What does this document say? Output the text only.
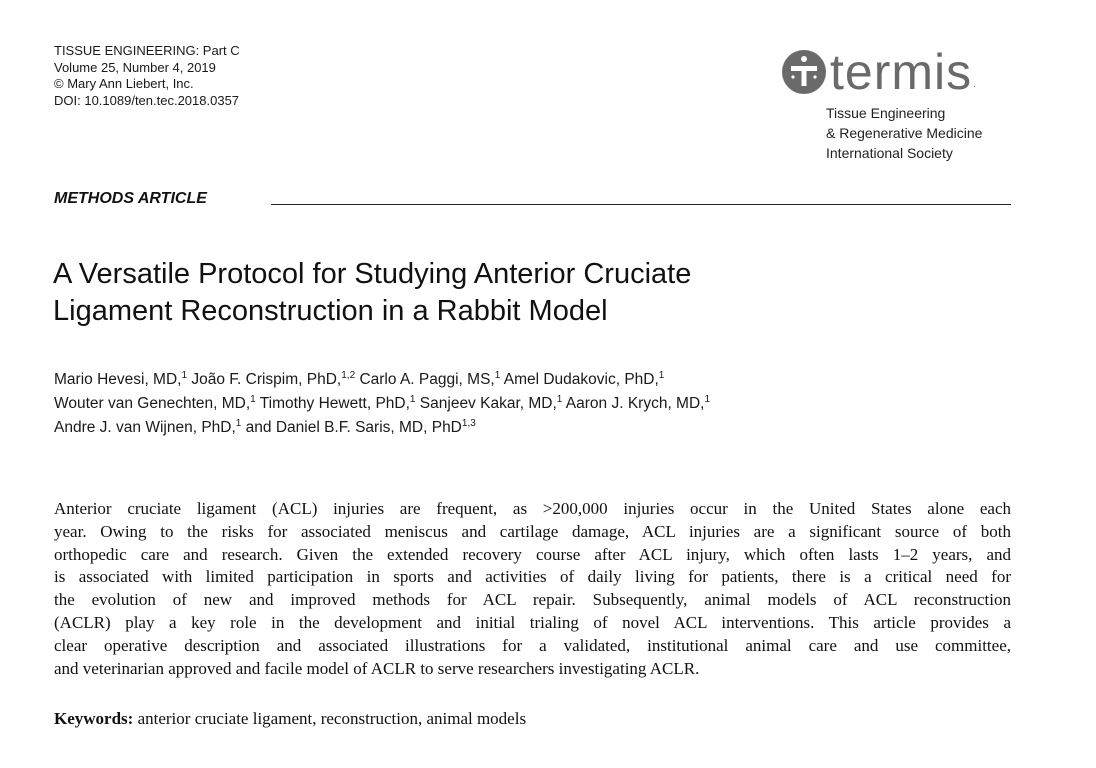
TISSUE ENGINEERING: Part C
Volume 25, Number 4, 2019
© Mary Ann Liebert, Inc.
DOI: 10.1089/ten.tec.2018.0357	termis .
Tissue Engineering
& Regenerative Medicine
International Society
METHODS ARTICLE
A Versatile Protocol for Studying Anterior Cruciate
Ligament Reconstruction in a Rabbit Model
Mario Hevesi, MD,$^1$ João F. Crispim, PhD,$^{1,2}$ Carlo A. Paggi, MS,$^1$ Amel Dudakovic, PhD,$^1$
Wouter van Genechten, MD,$^1$ Timothy Hewett, PhD,$^1$ Sanjeev Kakar, MD,$^1$ Aaron J. Krych, MD,$^1$
Andre J. van Wijnen, PhD,$^1$ and Daniel B.F. Saris, MD, PhD$^{1,3}$
Anterior cruciate ligament (ACL) injuries are frequent, as >200,000 injuries occur in the United States alone each
year. Owing to the risks for associated meniscus and cartilage damage, ACL injuries are a significant source of both
orthopedic care and research. Given the extended recovery course after ACL injury, which often lasts 1–2 years, and
is associated with limited participation in sports and activities of daily living for patients, there is a critical need for
the evolution of new and improved methods for ACL repair. Subsequently, animal models of ACL reconstruction
(ACLR) play a key role in the development and initial trialing of novel ACL interventions. This article provides a
clear operative description and associated illustrations for a validated, institutional animal care and use committee,
and veterinarian approved and facile model of ACLR to serve researchers investigating ACLR.
Keywords: anterior cruciate ligament, reconstruction, animal models
